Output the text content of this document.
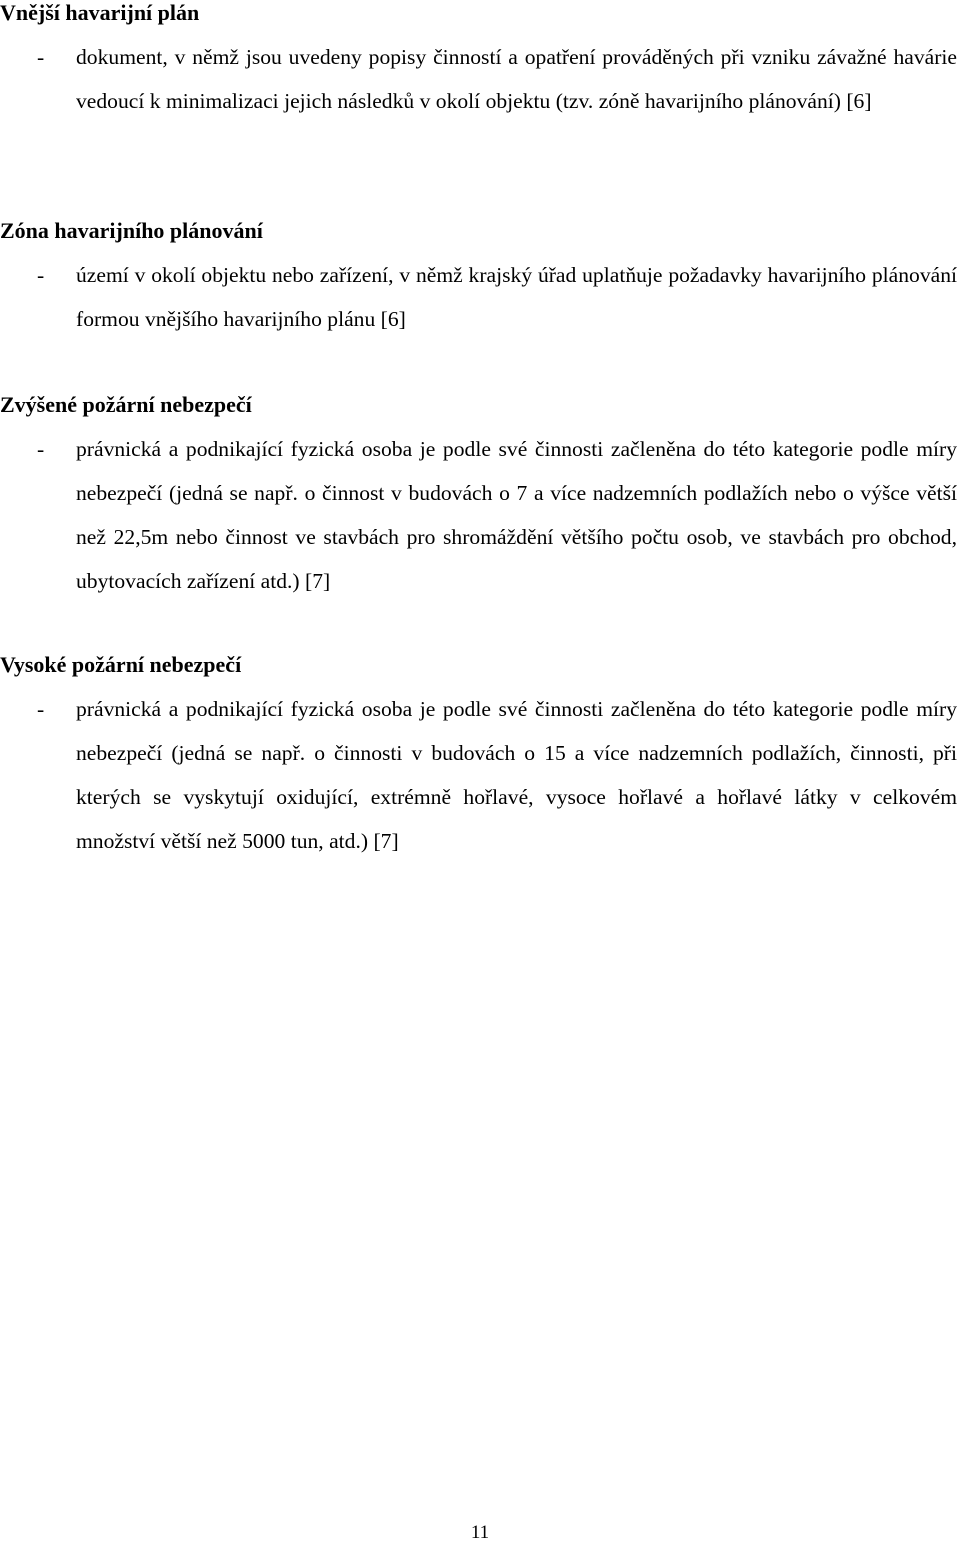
Vnější havarijní plán

- dokument, v němž jsou uvedeny popisy činností a opatření prováděných při vzniku závažné havárie vedoucí k minimalizaci jejich následků v okolí objektu (tzv. zóně havarijního plánování) [6]

Zóna havarijního plánování

- území v okolí objektu nebo zařízení, v němž krajský úřad uplatňuje požadavky havarijního plánování formou vnějšího havarijního plánu [6]

Zvýšené požární nebezpečí

- právnická a podnikající fyzická osoba je podle své činnosti začleněna do této kategorie podle míry nebezpečí (jedná se např. o činnost v budovách o 7 a více nadzemních podlažích nebo o výšce větší než 22,5m nebo činnost ve stavbách pro shromáždění většího počtu osob, ve stavbách pro obchod, ubytovacích zařízení atd.) [7]

Vysoké požární nebezpečí

- právnická a podnikající fyzická osoba je podle své činnosti začleněna do této kategorie podle míry nebezpečí (jedná se např. o činnosti v budovách o 15 a více nadzemních podlažích, činnosti, při kterých se vyskytují oxidující, extrémně hořlavé, vysoce hořlavé a hořlavé látky v celkovém množství větší než 5000 tun, atd.) [7]

11
